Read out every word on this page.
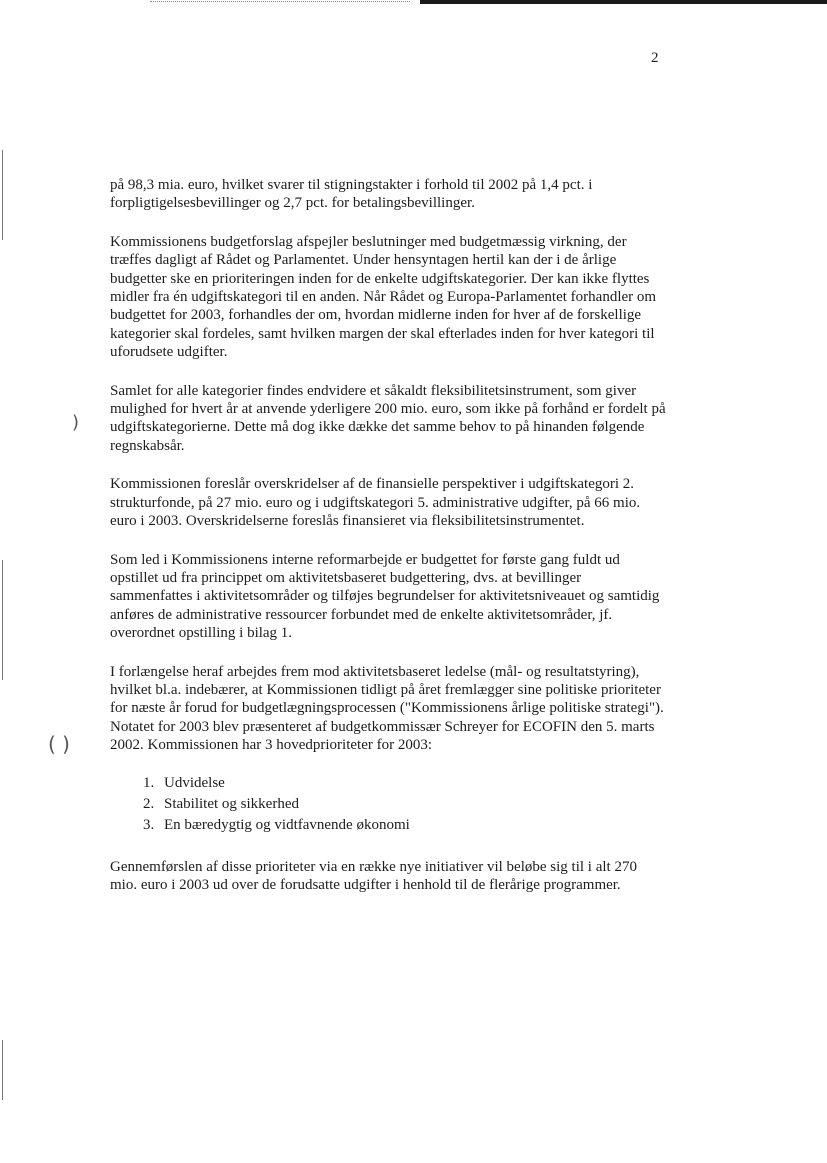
)
( )
2

på 98,3 mia. euro, hvilket svarer til stigningstakter i forhold til 2002 på 1,4 pct. i forpligtigelsesbevillinger og 2,7 pct. for betalingsbevillinger.

Kommissionens budgetforslag afspejler beslutninger med budgetmæssig virkning, der træffes dagligt af Rådet og Parlamentet. Under hensyntagen hertil kan der i de årlige budgetter ske en prioriteringen inden for de enkelte udgiftskategorier. Der kan ikke flyttes midler fra én udgiftskategori til en anden. Når Rådet og Europa-Parlamentet forhandler om budgettet for 2003, forhandles der om, hvordan midlerne inden for hver af de forskellige kategorier skal fordeles, samt hvilken margen der skal efterlades inden for hver kategori til uforudsete udgifter.

Samlet for alle kategorier findes endvidere et såkaldt fleksibilitetsinstrument, som giver mulighed for hvert år at anvende yderligere 200 mio. euro, som ikke på forhånd er fordelt på udgiftskategorierne. Dette må dog ikke dække det samme behov to på hinanden følgende regnskabsår.

Kommissionen foreslår overskridelser af de finansielle perspektiver i udgiftskategori 2. strukturfonde, på 27 mio. euro og i udgiftskategori 5. administrative udgifter, på 66 mio. euro i 2003. Overskridelserne foreslås finansieret via fleksibilitetsinstrumentet.

Som led i Kommissionens interne reformarbejde er budgettet for første gang fuldt ud opstillet ud fra princippet om aktivitetsbaseret budgettering, dvs. at bevillinger sammenfattes i aktivitetsområder og tilføjes begrundelser for aktivitetsniveauet og samtidig anføres de administrative ressourcer forbundet med de enkelte aktivitetsområder, jf. overordnet opstilling i bilag 1.

I forlængelse heraf arbejdes frem mod aktivitetsbaseret ledelse (mål- og resultatstyring), hvilket bl.a. indebærer, at Kommissionen tidligt på året fremlægger sine politiske prioriteter for næste år forud for budgetlægningsprocessen ("Kommissionens årlige politiske strategi"). Notatet for 2003 blev præsenteret af budgetkommissær Schreyer for ECOFIN den 5. marts 2002. Kommissionen har 3 hovedprioriteter for 2003:

1. Udvidelse
2. Stabilitet og sikkerhed
3. En bæredygtig og vidtfavnende økonomi

Gennemførslen af disse prioriteter via en række nye initiativer vil beløbe sig til i alt 270 mio. euro i 2003 ud over de forudsatte udgifter i henhold til de flerårige programmer.
